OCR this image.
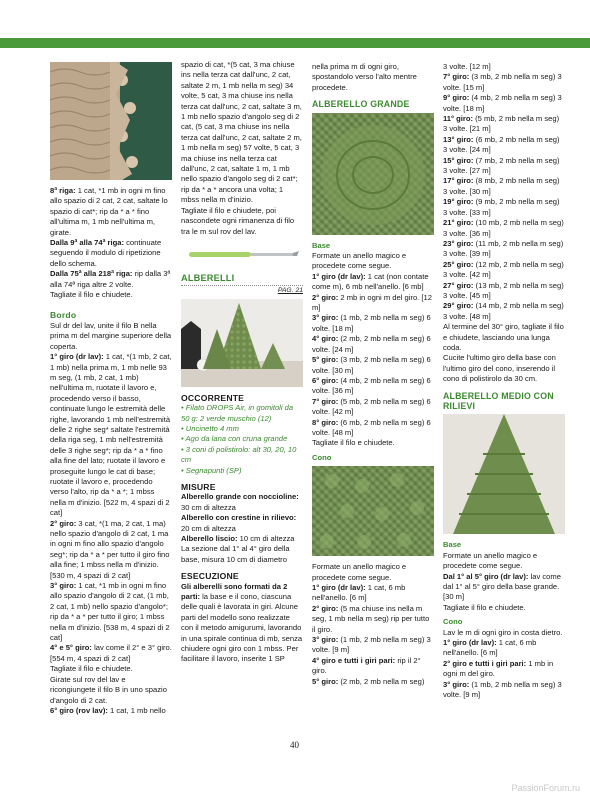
8ª riga: 1 cat, *1 mb in ogni m fino allo spazio di 2 cat, 2 cat, saltate lo spazio di cat*; rip da * a * fino all'ultima m, 1 mb nell'ultima m, girate.

Dalla 9ª alla 74ª riga: continuate seguendo il modulo di ripetizione dello schema.

Dalla 75ª alla 218ª riga: rip dalla 3ª alla 74ª riga altre 2 volte.

Tagliate il filo e chiudete.

Bordo

Sul dr del lav, unite il filo B nella prima m del margine superiore della coperta.

1° giro (dr lav): 1 cat, *(1 mb, 2 cat, 1 mb) nella prima m, 1 mb nelle 93 m seg, (1 mb, 2 cat, 1 mb) nell'ultima m, ruotate il lavoro e, procedendo verso il basso, continuate lungo le estremità delle righe, lavorando 1 mb nell'estremità delle 2 righe seg* saltate l'estremità della riga seg, 1 mb nell'estremità delle 3 righe seg*; rip da * a * fino alla fine del lato; ruotate il lavoro e proseguite lungo le cat di base; ruotate il lavoro e, procedendo verso l'alto, rip da * a *; 1 mbss nella m d'inizio. [522 m, 4 spazi di 2 cat]

2° giro: 3 cat, *(1 ma, 2 cat, 1 ma) nello spazio d'angolo di 2 cat, 1 ma in ogni m fino allo spazio d'angolo seg*; rip da * a * per tutto il giro fino alla fine; 1 mbss nella m d'inizio. [530 m, 4 spazi di 2 cat]

3° giro: 1 cat, *1 mb in ogni m fino allo spazio d'angolo di 2 cat, (1 mb, 2 cat, 1 mb) nello spazio d'angolo*; rip da * a * per tutto il giro; 1 mbss nella m d'inizio. [538 m, 4 spazi di 2 cat]

4° e 5° giro: lav come il 2° e 3° giro. [554 m, 4 spazi di 2 cat]

Tagliate il filo e chiudete.

Girate sul rov del lav e ricongiungete il filo B in uno spazio d'angolo di 2 cat.

6° giro (rov lav): 1 cat, 1 mb nello

spazio di cat, *(5 cat, 3 ma chiuse ins nella terza cat dall'unc, 2 cat, saltate 2 m, 1 mb nella m seg) 34 volte, 5 cat, 3 ma chiuse ins nella terza cat dall'unc, 2 cat, saltate 3 m, 1 mb nello spazio d'angolo seg di 2 cat, (5 cat, 3 ma chiuse ins nella terza cat dall'unc, 2 cat, saltate 2 m, 1 mb nella m seg) 57 volte, 5 cat, 3 ma chiuse ins nella terza cat dall'unc, 2 cat, saltate 1 m, 1 mb nello spazio d'angolo seg di 2 cat*; rip da * a * ancora una volta; 1 mbss nella m d'inizio.

Tagliate il filo e chiudete, poi nascondete ogni rimanenza di filo tra le m sul rov del lav.

ALBERELLI

PAG. 21

OCCORRENTE

• Filato DROPS Air, in gomitoli da 50 g: 2 verde muschio (12)

• Uncinetto 4 mm

• Ago da lana con cruna grande

• 3 coni di polistirolo: alt 30, 20, 10 cm

• Segnapunti (SP)

MISURE

Alberello grande con noccioline: 30 cm di altezza

Alberello con crestine in rilievo: 20 cm di altezza

Alberello liscio: 10 cm di altezza

La sezione dal 1° al 4° giro della base, misura 10 cm di diametro

ESECUZIONE

Gli alberelli sono formati da 2 parti: la base e il cono, ciascuna delle quali è lavorata in giri. Alcune parti del modello sono realizzate con il metodo amigurumi, lavorando in una spirale continua di mb, senza chiudere ogni giro con 1 mbss. Per facilitare il lavoro, inserite 1 SP

nella prima m di ogni giro, spostandolo verso l'alto mentre procedete.

ALBERELLO GRANDE

Base

Formate un anello magico e procedete come segue.

1° giro (dr lav): 1 cat (non contate come m), 6 mb nell'anello. [6 mb]

2° giro: 2 mb in ogni m del giro. [12 m]

3° giro: (1 mb, 2 mb nella m seg) 6 volte. [18 m]

4° giro: (2 mb, 2 mb nella m seg) 6 volte. [24 m]

5° giro: (3 mb, 2 mb nella m seg) 6 volte. [30 m]

6° giro: (4 mb, 2 mb nella m seg) 6 volte. [36 m]

7° giro: (5 mb, 2 mb nella m seg) 6 volte. [42 m]

8° giro: (6 mb, 2 mb nella m seg) 6 volte. [48 m]

Tagliate il filo e chiudete.

Cono

Formate un anello magico e procedete come segue.

1° giro (dr lav): 1 cat, 6 mb nell'anello. [6 m]

2° giro: (5 ma chiuse ins nella m seg, 1 mb nella m seg) rip per tutto il giro.

3° giro: (1 mb, 2 mb nella m seg) 3 volte. [9 m]

4° giro e tutti i giri pari: rip il 2° giro.

5° giro: (2 mb, 2 mb nella m seg)

3 volte. [12 m]

7° giro: (3 mb, 2 mb nella m seg) 3 volte. [15 m]

9° giro: (4 mb, 2 mb nella m seg) 3 volte. [18 m]

11° giro: (5 mb, 2 mb nella m seg) 3 volte. [21 m]

13° giro: (6 mb, 2 mb nella m seg) 3 volte. [24 m]

15° giro: (7 mb, 2 mb nella m seg) 3 volte. [27 m]

17° giro: (8 mb, 2 mb nella m seg) 3 volte. [30 m]

19° giro: (9 mb, 2 mb nella m seg) 3 volte. [33 m]

21° giro: (10 mb, 2 mb nella m seg) 3 volte. [36 m]

23° giro: (11 mb, 2 mb nella m seg) 3 volte. [39 m]

25° giro: (12 mb, 2 mb nella m seg) 3 volte. [42 m]

27° giro: (13 mb, 2 mb nella m seg) 3 volte. [45 m]

29° giro: (14 mb, 2 mb nella m seg) 3 volte. [48 m]

Al termine del 30° giro, tagliate il filo e chiudete, lasciando una lunga coda.

Cucite l'ultimo giro della base con l'ultimo giro del cono, inserendo il cono di polistirolo da 30 cm.

ALBERELLO MEDIO CON RILIEVI

Base

Formate un anello magico e procedete come segue.

Dal 1° al 5° giro (dr lav): lav come dal 1° al 5° giro della base grande. [30 m]

Tagliate il filo e chiudete.

Cono

Lav le m di ogni giro in costa dietro.

1° giro (dr lav): 1 cat, 6 mb nell'anello. [6 m]

2° giro e tutti i giri pari: 1 mb in ogni m del giro.

3° giro: (1 mb, 2 mb nella m seg) 3 volte. [9 m]

40
PassionForum.ru
